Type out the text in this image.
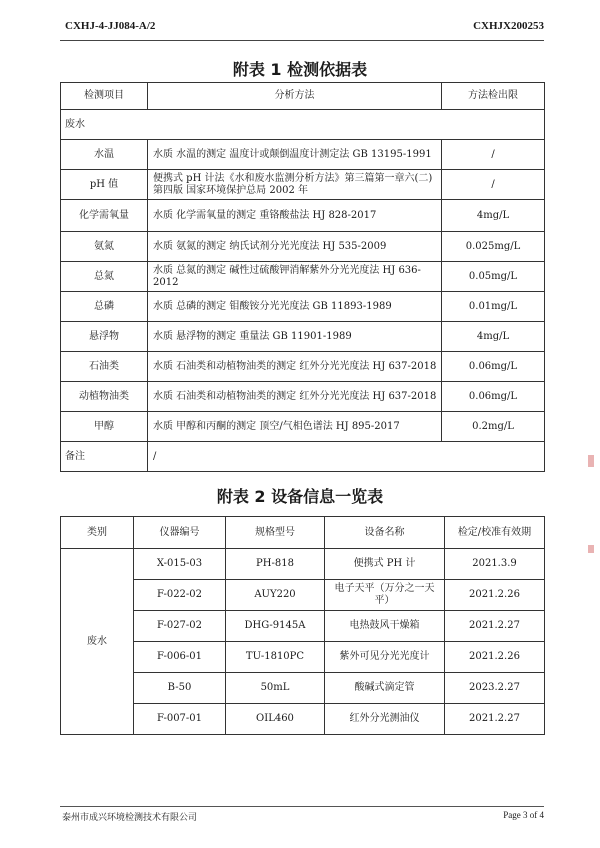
CXHJ-4-JJ084-A/2	CXHJX200253
附表 1 检测依据表
检测项目	分析方法	方法检出限
废水		
水温	水质 水温的测定 温度计或颠倒温度计测定法 GB 13195-1991	/
pH 值	便携式 pH 计法《水和废水监测分析方法》第三篇第一章六(二) 第四版 国家环境保护总局 2002 年	/
化学需氧量	水质 化学需氧量的测定 重铬酸盐法 HJ 828-2017	4mg/L
氨氮	水质 氨氮的测定 纳氏试剂分光光度法 HJ 535-2009	0.025mg/L
总氮	水质 总氮的测定 碱性过硫酸钾消解紫外分光光度法 HJ 636-2012	0.05mg/L
总磷	水质 总磷的测定 钼酸铵分光光度法 GB 11893-1989	0.01mg/L
悬浮物	水质 悬浮物的测定 重量法 GB 11901-1989	4mg/L
石油类	水质 石油类和动植物油类的测定 红外分光光度法 HJ 637-2018	0.06mg/L
动植物油类	水质 石油类和动植物油类的测定 红外分光光度法 HJ 637-2018	0.06mg/L
甲醇	水质 甲醇和丙酮的测定 顶空/气相色谱法 HJ 895-2017	0.2mg/L
备注	/	
附表 2 设备信息一览表
类别	仪器编号	规格型号	设备名称	检定/校准有效期
废水	X-015-03	PH-818	便携式 PH 计	2021.3.9
	F-022-02	AUY220	电子天平（万分之一天平）	2021.2.26
	F-027-02	DHG-9145A	电热鼓风干燥箱	2021.2.27
	F-006-01	TU-1810PC	紫外可见分光光度计	2021.2.26
	B-50	50mL	酸碱式滴定管	2023.2.27
	F-007-01	OIL460	红外分光测油仪	2021.2.27
泰州市成兴环境检测技术有限公司	Page 3 of 4
